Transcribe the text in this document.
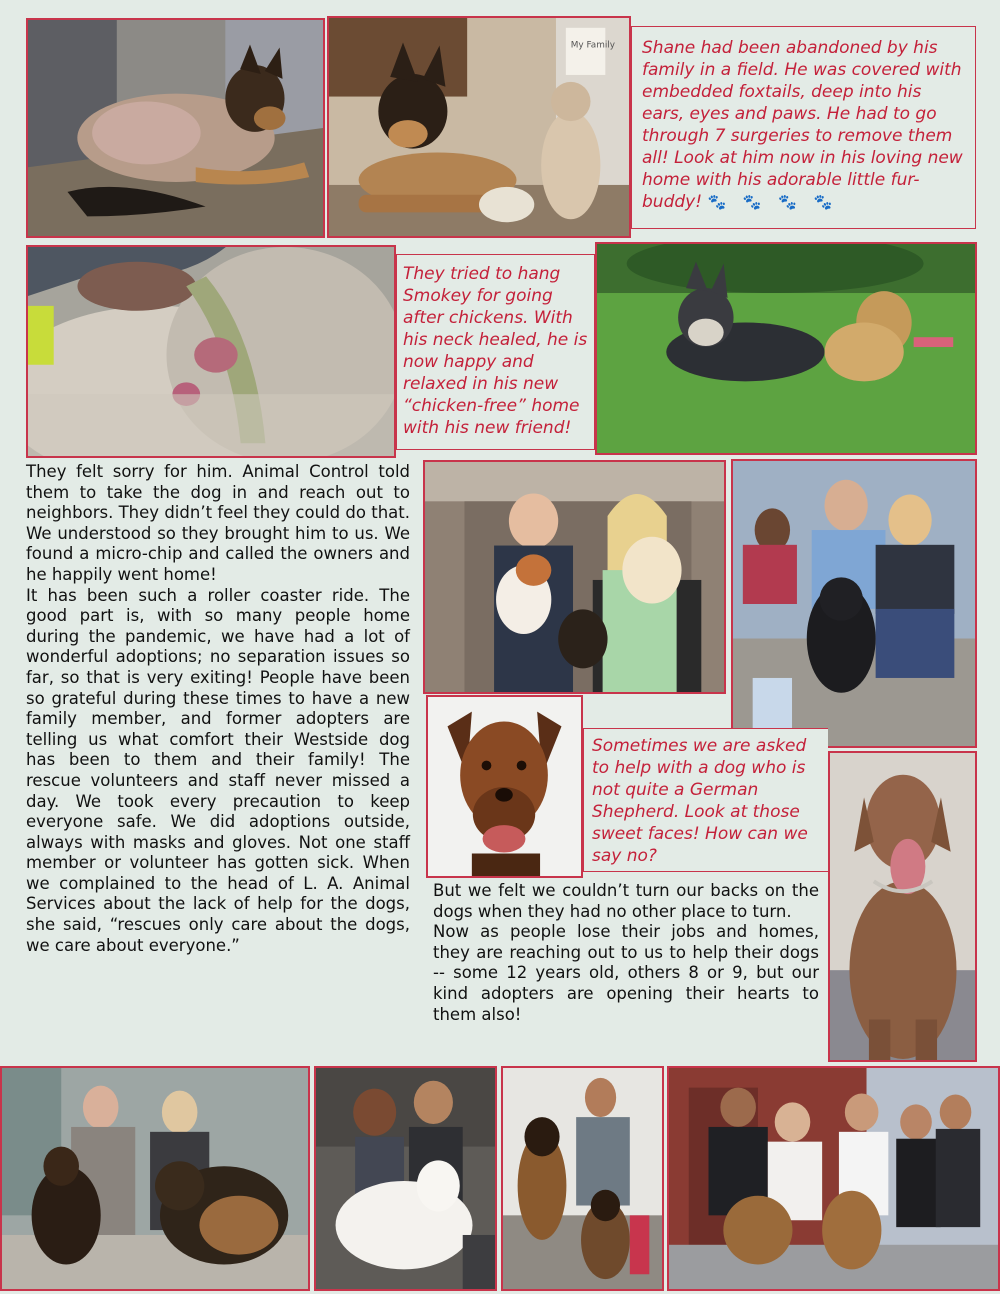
My Family	Shane had been abandoned by his family in a field. He was covered with embedded foxtails, deep into his ears, eyes and paws. He had to go through 7 surgeries to remove them all! Look at him now in his loving new home with his adorable little fur-buddy! 🐾 🐾 🐾 🐾
They tried to hang Smokey for going after chickens. With his neck healed, he is now happy and relaxed in his new “chicken-free” home with his new friend!

They felt sorry for him. Animal Control told them to take the dog in and reach out to neighbors. They didn’t feel they could do that. We understood so they brought him to us. We found a micro-chip and called the owners and he happily went home!

It has been such a roller coaster ride. The good part is, with so many people home during the pandemic, we have had a lot of wonderful adoptions; no separation issues so far, so that is very exiting! People have been so grateful during these times to have a new family member, and former adopters are telling us what comfort their Westside dog has been to them and their family! The rescue volunteers and staff never missed a day. We took every precaution to keep everyone safe. We did adoptions outside, always with masks and gloves. Not one staff member or volunteer has gotten sick. When we complained to the head of L. A. Animal Services about the lack of help for the dogs, she said, “rescues only care about the dogs, we care about everyone.”

Sometimes we are asked to help with a dog who is not quite a German Shepherd. Look at those sweet faces! How can we say no?

But we felt we couldn’t turn our backs on the dogs when they had no other place to turn.

Now as people lose their jobs and homes, they are reaching out to us to help their dogs -- some 12 years old, others 8 or 9, but our kind adopters are opening their hearts to them also!
